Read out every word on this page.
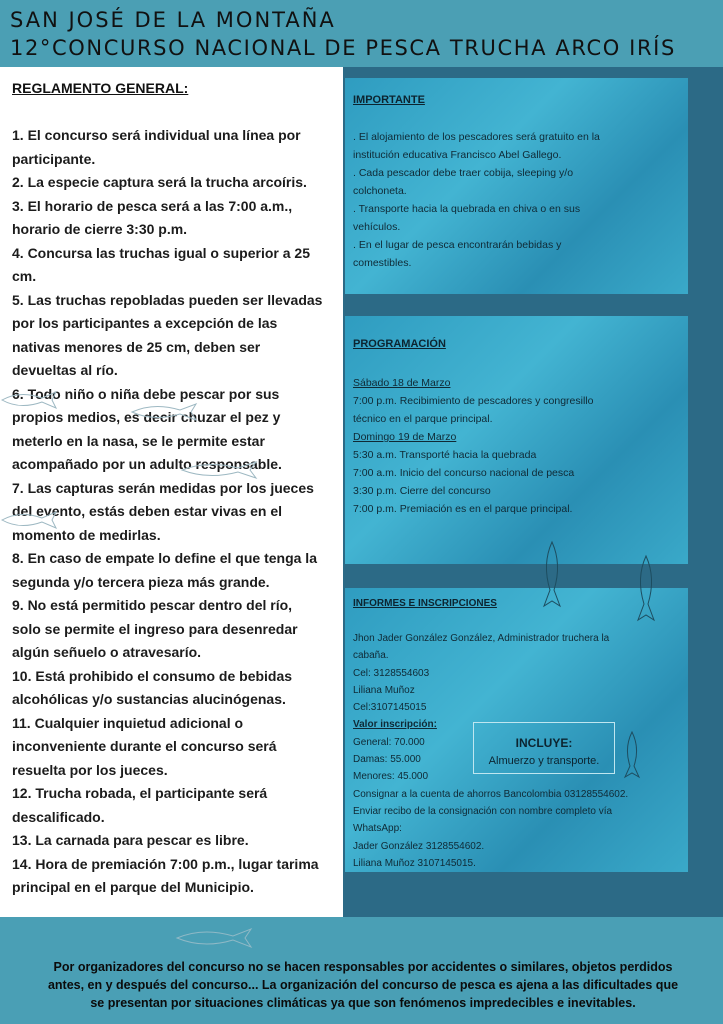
SAN JOSÉ DE LA MONTAÑA
12°CONCURSO NACIONAL DE PESCA TRUCHA ARCO IRÍS
REGLAMENTO GENERAL:
1. El concurso será individual una línea por
participante.
2. La especie captura será la trucha arcoíris.
3. El horario de pesca será a las 7:00 a.m.,
horario de cierre 3:30 p.m.
4. Concursa las truchas igual o superior a 25
cm.
5. Las truchas repobladas pueden ser llevadas
por los participantes a excepción de las
nativas menores de 25 cm, deben ser
devueltas al río.
6. Todo niño o niña debe pescar por sus
propios medios, es decir chuzar el pez y
meterlo en la nasa, se le permite estar
acompañado por un adulto responsable.
7. Las capturas serán medidas por los jueces
del evento, estás deben estar vivas en el
momento de medirlas.
8. En caso de empate lo define el que tenga la
segunda y/o tercera pieza más grande.
9. No está permitido pescar dentro del río,
solo se permite el ingreso para desenredar
algún señuelo o atravesarío.
10. Está prohibido el consumo de bebidas
alcohólicas y/o sustancias alucinógenas.
11. Cualquier inquietud adicional o
inconveniente durante el concurso será
resuelta por los jueces.
12. Trucha robada, el participante será
descalificado.
13. La carnada para pescar es libre.
14. Hora de premiación 7:00 p.m., lugar tarima
principal en el parque del Municipio.
IMPORTANTE
. El alojamiento de los pescadores será gratuito en la
institución educativa Francisco Abel Gallego.
. Cada pescador debe traer cobija, sleeping y/o
colchoneta.
. Transporte hacia la quebrada en chiva o en sus
vehículos.
. En el lugar de pesca encontrarán bebidas y
comestibles.
PROGRAMACIÓN
Sábado 18 de Marzo
7:00 p.m. Recibimiento de pescadores y congresillo
técnico en el parque principal.
Domingo 19 de Marzo
5:30 a.m. Transporté hacia la quebrada
7:00 a.m. Inicio del concurso nacional de pesca
3:30 p.m. Cierre del concurso
7:00 p.m. Premiación es en el parque principal.
INFORMES E INSCRIPCIONES
Jhon Jader González González, Administrador truchera la
cabaña.
Cel: 3128554603
Liliana Muñoz
Cel:3107145015
Valor inscripción:
General: 70.000
Damas: 55.000
Menores: 45.000
Consignar a la cuenta de ahorros Bancolombia 03128554602.
Enviar recibo de la consignación con nombre completo vía
WhatsApp:
Jader González 3128554602.
Liliana Muñoz 3107145015.
INCLUYE:
Almuerzo y transporte.
Por organizadores del concurso no se hacen responsables por accidentes o similares, objetos perdidos
antes, en y después del concurso... La organización del concurso de pesca es ajena a las dificultades que
se presentan por situaciones climáticas ya que son fenómenos impredecibles e inevitables.
